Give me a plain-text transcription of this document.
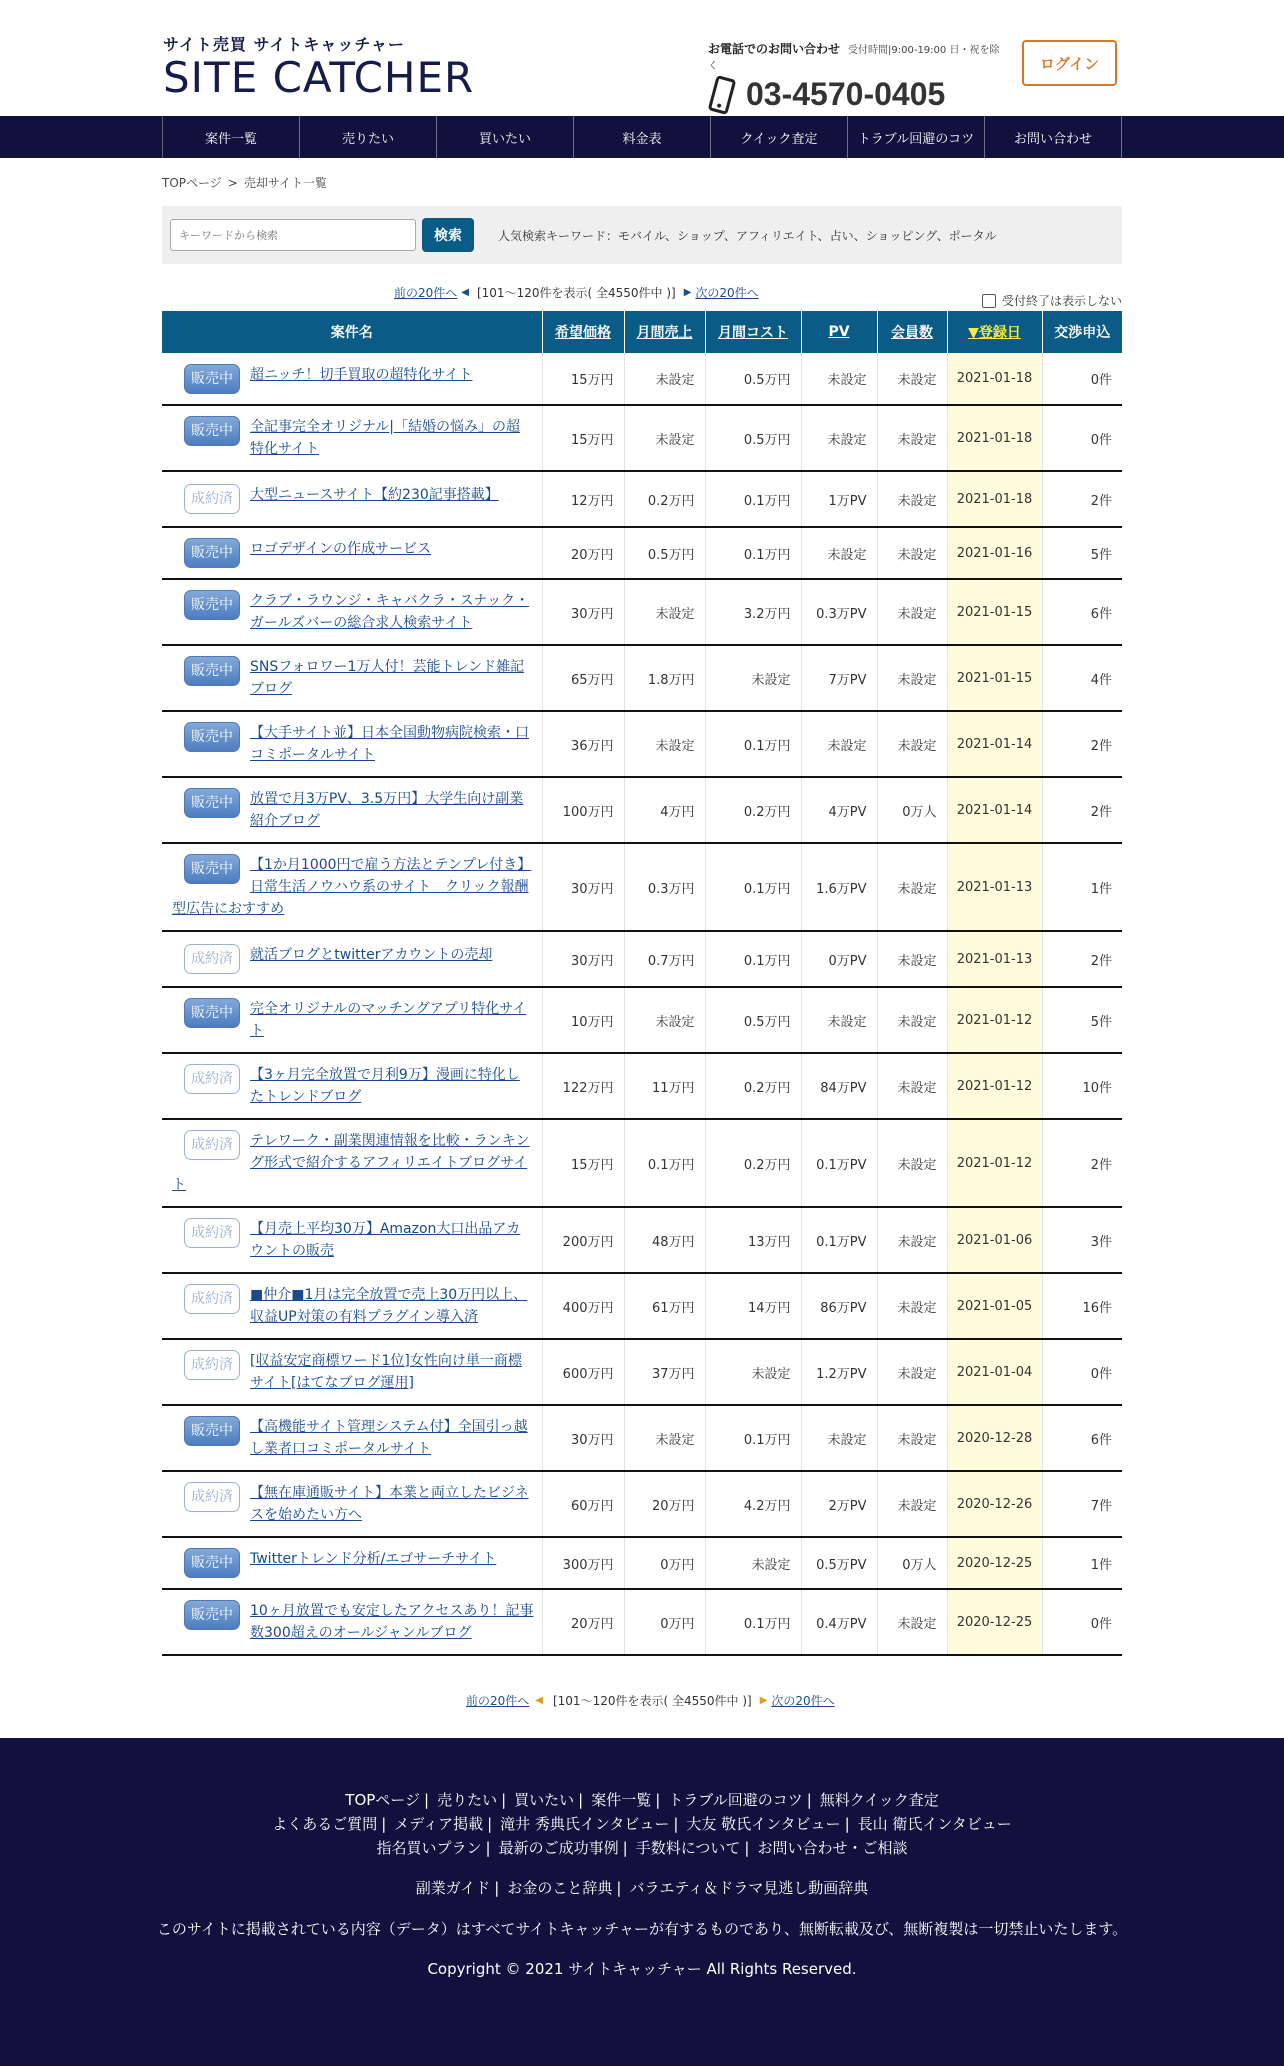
サイト売買 サイトキャッチャー
SITE CATCHER
お電話でのお問い合わせ 受付時間|9:00-19:00 日・祝を除く
03-4570-0405
ログイン
案件一覧	売りたい	買いたい	料金表	クイック査定	トラブル回避のコツ	お問い合わせ
TOPページ > 売却サイト一覧
キーワードから検索
検索	人気検索キーワード：モバイル、ショップ、アフィリエイト、占い、ショッピング、ポータル
前の20件へ ◀ [101～120件を表示( 全4550件中 )] ▶ 次の20件へ
受付終了は表示しない
案件名	希望価格	月間売上	月間コスト	PV	会員数	▼登録日	交渉申込

販売中 超ニッチ！切手買取の超特化サイト	15万円	未設定	0.5万円	未設定	未設定	2021-01-18	0件

販売中 全記事完全オリジナル|「結婚の悩み」の超特化サイト	15万円	未設定	0.5万円	未設定	未設定	2021-01-18	0件

成約済 大型ニュースサイト【約230記事搭載】	12万円	0.2万円	0.1万円	1万PV	未設定	2021-01-18	2件

販売中 ロゴデザインの作成サービス	20万円	0.5万円	0.1万円	未設定	未設定	2021-01-16	5件

販売中 クラブ・ラウンジ・キャバクラ・スナック・ガールズバーの総合求人検索サイト	30万円	未設定	3.2万円	0.3万PV	未設定	2021-01-15	6件

販売中 SNSフォロワー1万人付！芸能トレンド雑記ブログ	65万円	1.8万円	未設定	7万PV	未設定	2021-01-15	4件

販売中 【大手サイト並】日本全国動物病院検索・口コミポータルサイト	36万円	未設定	0.1万円	未設定	未設定	2021-01-14	2件

販売中 放置で月3万PV、3.5万円】大学生向け副業紹介ブログ	100万円	4万円	0.2万円	4万PV	0万人	2021-01-14	2件

販売中 【1か月1000円で雇う方法とテンプレ付き】日常生活ノウハウ系のサイト　クリック報酬型広告におすすめ	30万円	0.3万円	0.1万円	1.6万PV	未設定	2021-01-13	1件

成約済 就活ブログとtwitterアカウントの売却	30万円	0.7万円	0.1万円	0万PV	未設定	2021-01-13	2件

販売中 完全オリジナルのマッチングアプリ特化サイト	10万円	未設定	0.5万円	未設定	未設定	2021-01-12	5件

成約済 【3ヶ月完全放置で月利9万】漫画に特化したトレンドブログ	122万円	11万円	0.2万円	84万PV	未設定	2021-01-12	10件

成約済 テレワーク・副業関連情報を比較・ランキング形式で紹介するアフィリエイトブログサイト	15万円	0.1万円	0.2万円	0.1万PV	未設定	2021-01-12	2件

成約済 【月売上平均30万】Amazon大口出品アカウントの販売	200万円	48万円	13万円	0.1万PV	未設定	2021-01-06	3件

成約済 ■仲介■1月は完全放置で売上30万円以上、収益UP対策の有料プラグイン導入済	400万円	61万円	14万円	86万PV	未設定	2021-01-05	16件

成約済 [収益安定商標ワード1位]女性向け単一商標サイト[はてなブログ運用]	600万円	37万円	未設定	1.2万PV	未設定	2021-01-04	0件

販売中 【高機能サイト管理システム付】全国引っ越し業者口コミポータルサイト	30万円	未設定	0.1万円	未設定	未設定	2020-12-28	6件

成約済 【無在庫通販サイト】本業と両立したビジネスを始めたい方へ	60万円	20万円	4.2万円	2万PV	未設定	2020-12-26	7件

販売中 Twitterトレンド分析/エゴサーチサイト	300万円	0万円	未設定	0.5万PV	0万人	2020-12-25	1件

販売中 10ヶ月放置でも安定したアクセスあり！記事数300超えのオールジャンルブログ	20万円	0万円	0.1万円	0.4万PV	未設定	2020-12-25	0件
前の20件へ ◀ [101～120件を表示( 全4550件中 )] ▶ 次の20件へ
TOPページ | 売りたい | 買いたい | 案件一覧 | トラブル回避のコツ | 無料クイック査定
よくあるご質問 | メディア掲載 | 滝井 秀典氏インタビュー | 大友 敬氏インタビュー | 長山 衛氏インタビュー
指名買いプラン | 最新のご成功事例 | 手数料について | お問い合わせ・ご相談
副業ガイド | お金のこと辞典 | バラエティ＆ドラマ見逃し動画辞典
このサイトに掲載されている内容（データ）はすべてサイトキャッチャーが有するものであり、無断転載及び、無断複製は一切禁止いたします。
Copyright © 2021 サイトキャッチャー All Rights Reserved.
